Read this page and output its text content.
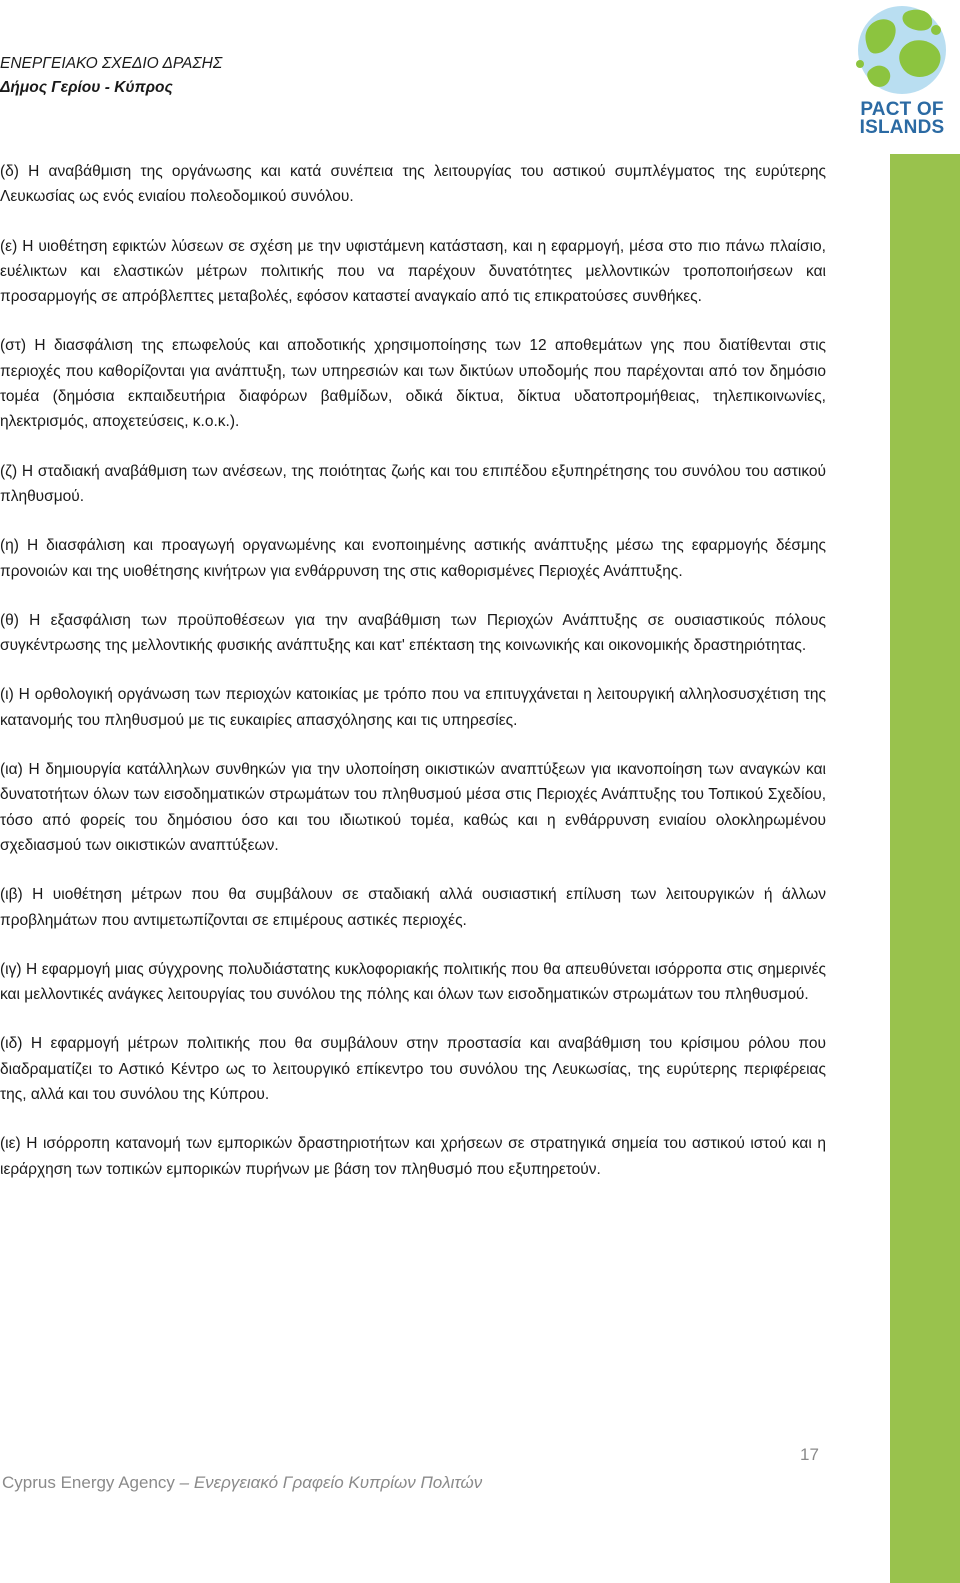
ΕΝΕΡΓΕΙΑΚΟ ΣΧΕΔΙΟ ΔΡΑΣΗΣ
Δήμος Γερίου - Κύπρος
PACT OF
ISLANDS

(δ) Η αναβάθμιση της οργάνωσης και κατά συνέπεια της λειτουργίας του αστικού συμπλέγματος της ευρύτερης Λευκωσίας ως ενός ενιαίου πολεοδομικού συνόλου.

(ε) Η υιοθέτηση εφικτών λύσεων σε σχέση με την υφιστάμενη κατάσταση, και η εφαρμογή, μέσα στο πιο πάνω πλαίσιο, ευέλικτων και ελαστικών μέτρων πολιτικής που να παρέχουν δυνατότητες μελλοντικών τροποποιήσεων και προσαρμογής σε απρόβλεπτες μεταβολές, εφόσον καταστεί αναγκαίο από τις επικρατούσες συνθήκες.

(στ) Η διασφάλιση της επωφελούς και αποδοτικής χρησιμοποίησης των 12 αποθεμάτων γης που διατίθενται στις περιοχές που καθορίζονται για ανάπτυξη, των υπηρεσιών και των δικτύων υποδομής που παρέχονται από τον δημόσιο τομέα (δημόσια εκπαιδευτήρια διαφόρων βαθμίδων, οδικά δίκτυα, δίκτυα υδατοπρομήθειας, τηλεπικοινωνίες, ηλεκτρισμός, αποχετεύσεις, κ.ο.κ.).

(ζ) Η σταδιακή αναβάθμιση των ανέσεων, της ποιότητας ζωής και του επιπέδου εξυπηρέτησης του συνόλου του αστικού πληθυσμού.

(η) Η διασφάλιση και προαγωγή οργανωμένης και ενοποιημένης αστικής ανάπτυξης μέσω της εφαρμογής δέσμης προνοιών και της υιοθέτησης κινήτρων για ενθάρρυνση της στις καθορισμένες Περιοχές Ανάπτυξης.

(θ) Η εξασφάλιση των προϋποθέσεων για την αναβάθμιση των Περιοχών Ανάπτυξης σε ουσιαστικούς πόλους συγκέντρωσης της μελλοντικής φυσικής ανάπτυξης και κατ' επέκταση της κοινωνικής και οικονομικής δραστηριότητας.

(ι) Η ορθολογική οργάνωση των περιοχών κατοικίας με τρόπο που να επιτυγχάνεται η λειτουργική αλληλοσυσχέτιση της κατανομής του πληθυσμού με τις ευκαιρίες απασχόλησης και τις υπηρεσίες.

(ια) Η δημιουργία κατάλληλων συνθηκών για την υλοποίηση οικιστικών αναπτύξεων για ικανοποίηση των αναγκών και δυνατοτήτων όλων των εισοδηματικών στρωμάτων του πληθυσμού μέσα στις Περιοχές Ανάπτυξης του Τοπικού Σχεδίου, τόσο από φορείς του δημόσιου όσο και του ιδιωτικού τομέα, καθώς και η ενθάρρυνση ενιαίου ολοκληρωμένου σχεδιασμού των οικιστικών αναπτύξεων.

(ιβ) Η υιοθέτηση μέτρων που θα συμβάλουν σε σταδιακή αλλά ουσιαστική επίλυση των λειτουργικών ή άλλων προβλημάτων που αντιμετωπίζονται σε επιμέρους αστικές περιοχές.

(ιγ) Η εφαρμογή μιας σύγχρονης πολυδιάστατης κυκλοφοριακής πολιτικής που θα απευθύνεται ισόρροπα στις σημερινές και μελλοντικές ανάγκες λειτουργίας του συνόλου της πόλης και όλων των εισοδηματικών στρωμάτων του πληθυσμού.

(ιδ) Η εφαρμογή μέτρων πολιτικής που θα συμβάλουν στην προστασία και αναβάθμιση του κρίσιμου ρόλου που διαδραματίζει το Αστικό Κέντρο ως το λειτουργικό επίκεντρο του συνόλου της Λευκωσίας, της ευρύτερης περιφέρειας της, αλλά και του συνόλου της Κύπρου.

(ιε) Η ισόρροπη κατανομή των εμπορικών δραστηριοτήτων και χρήσεων σε στρατηγικά σημεία του αστικού ιστού και η ιεράρχηση των τοπικών εμπορικών πυρήνων με βάση τον πληθυσμό που εξυπηρετούν.

17
Cyprus Energy Agency – Ενεργειακό Γραφείο Κυπρίων Πολιτών
